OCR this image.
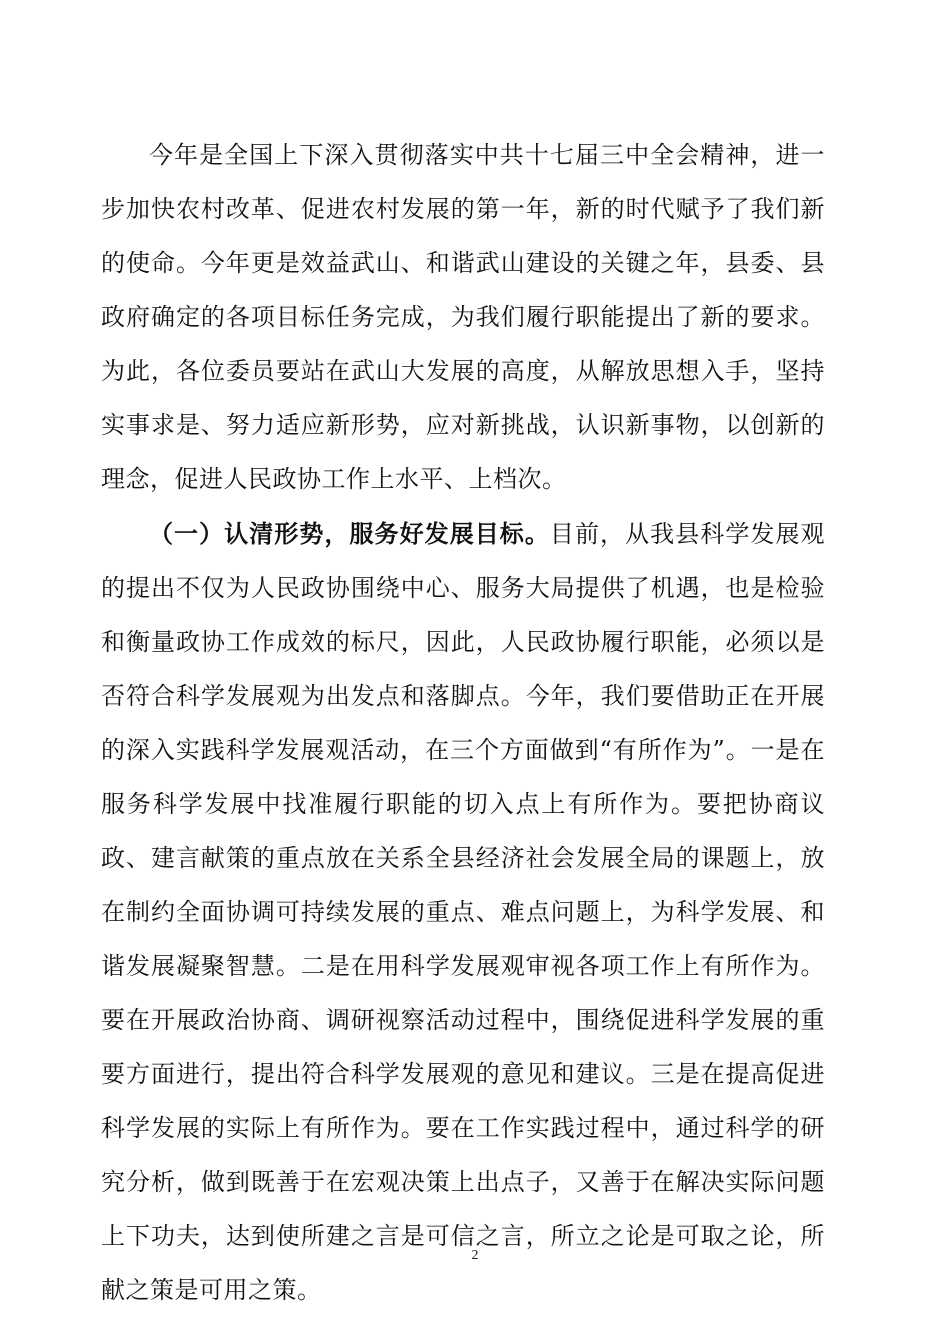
今年是全国上下深入贯彻落实中共十七届三中全会精神，进一步加快农村改革、促进农村发展的第一年，新的时代赋予了我们新的使命。今年更是效益武山、和谐武山建设的关键之年，县委、县政府确定的各项目标任务完成，为我们履行职能提出了新的要求。为此，各位委员要站在武山大发展的高度，从解放思想入手，坚持实事求是、努力适应新形势，应对新挑战，认识新事物，以创新的理念，促进人民政协工作上水平、上档次。

（一）认清形势，服务好发展目标。目前，从我县科学发展观的提出不仅为人民政协围绕中心、服务大局提供了机遇，也是检验和衡量政协工作成效的标尺，因此，人民政协履行职能，必须以是否符合科学发展观为出发点和落脚点。今年，我们要借助正在开展的深入实践科学发展观活动，在三个方面做到“有所作为”。一是在服务科学发展中找准履行职能的切入点上有所作为。要把协商议政、建言献策的重点放在关系全县经济社会发展全局的课题上，放在制约全面协调可持续发展的重点、难点问题上，为科学发展、和谐发展凝聚智慧。二是在用科学发展观审视各项工作上有所作为。要在开展政治协商、调研视察活动过程中，围绕促进科学发展的重要方面进行，提出符合科学发展观的意见和建议。三是在提高促进科学发展的实际上有所作为。要在工作实践过程中，通过科学的研究分析，做到既善于在宏观决策上出点子，又善于在解决实际问题上下功夫，达到使所建之言是可信之言，所立之论是可取之论，所献之策是可用之策。

2
